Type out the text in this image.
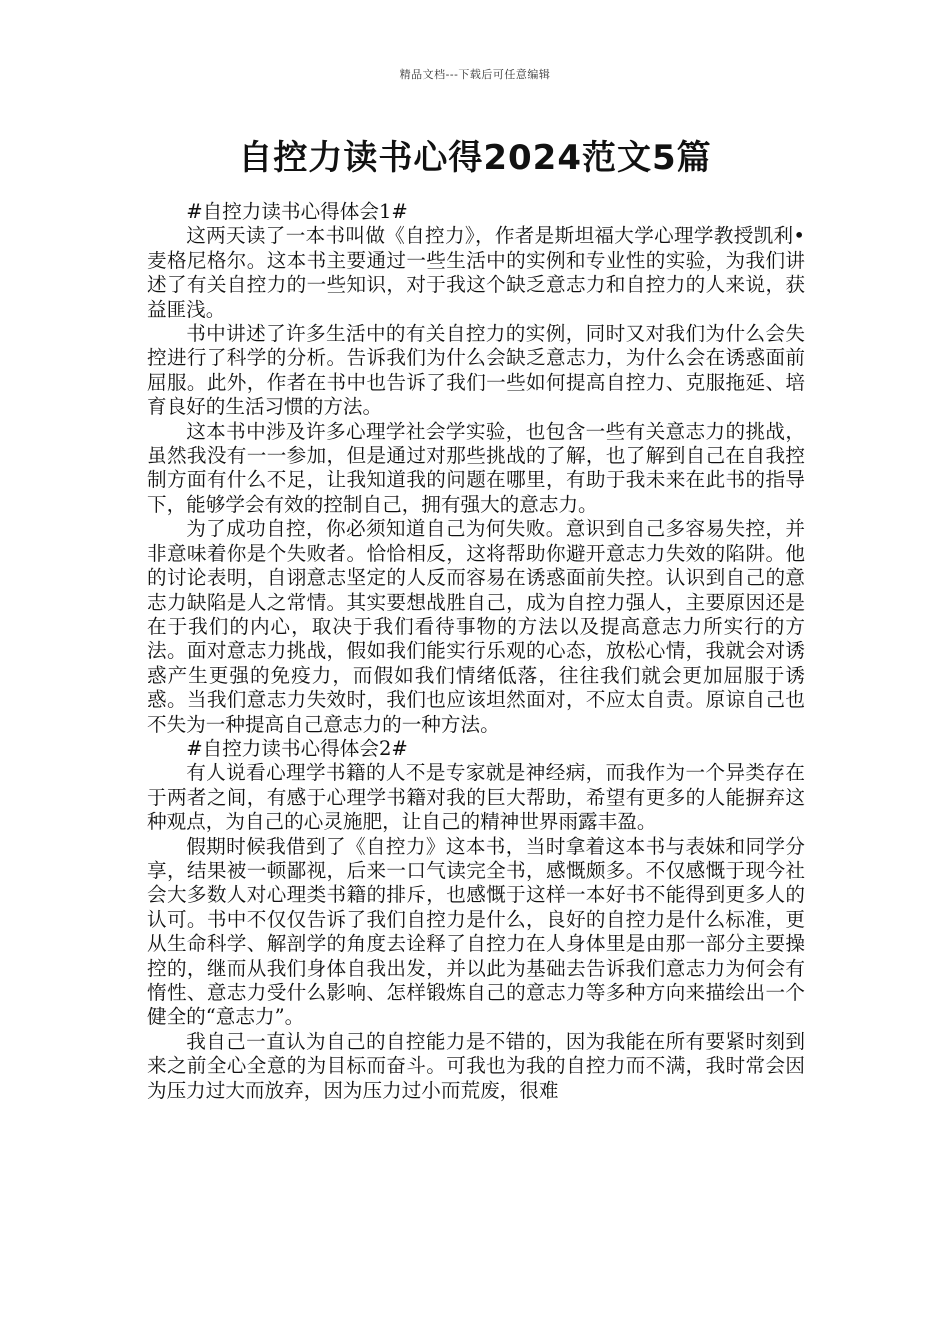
精品文档---下载后可任意编辑
自控力读书心得2024范文5篇

#自控力读书心得体会1#

这两天读了一本书叫做《自控力》，作者是斯坦福大学心理学教授凯利•麦格尼格尔。这本书主要通过一些生活中的实例和专业性的实验，为我们讲述了有关自控力的一些知识，对于我这个缺乏意志力和自控力的人来说，获益匪浅。

书中讲述了许多生活中的有关自控力的实例，同时又对我们为什么会失控进行了科学的分析。告诉我们为什么会缺乏意志力，为什么会在诱惑面前屈服。此外，作者在书中也告诉了我们一些如何提高自控力、克服拖延、培育良好的生活习惯的方法。

这本书中涉及许多心理学社会学实验，也包含一些有关意志力的挑战，虽然我没有一一参加，但是通过对那些挑战的了解，也了解到自己在自我控制方面有什么不足，让我知道我的问题在哪里，有助于我未来在此书的指导下，能够学会有效的控制自己，拥有强大的意志力。

为了成功自控，你必须知道自己为何失败。意识到自己多容易失控，并非意味着你是个失败者。恰恰相反，这将帮助你避开意志力失效的陷阱。他的讨论表明，自诩意志坚定的人反而容易在诱惑面前失控。认识到自己的意志力缺陷是人之常情。其实要想战胜自己，成为自控力强人，主要原因还是在于我们的内心，取决于我们看待事物的方法以及提高意志力所实行的方法。面对意志力挑战，假如我们能实行乐观的心态，放松心情，我就会对诱惑产生更强的免疫力，而假如我们情绪低落，往往我们就会更加屈服于诱惑。当我们意志力失效时，我们也应该坦然面对，不应太自责。原谅自己也不失为一种提高自己意志力的一种方法。

#自控力读书心得体会2#

有人说看心理学书籍的人不是专家就是神经病，而我作为一个异类存在于两者之间，有感于心理学书籍对我的巨大帮助，希望有更多的人能摒弃这种观点，为自己的心灵施肥，让自己的精神世界雨露丰盈。

假期时候我借到了《自控力》这本书，当时拿着这本书与表妹和同学分享，结果被一顿鄙视，后来一口气读完全书，感慨颇多。不仅感慨于现今社会大多数人对心理类书籍的排斥，也感慨于这样一本好书不能得到更多人的认可。书中不仅仅告诉了我们自控力是什么，良好的自控力是什么标准，更从生命科学、解剖学的角度去诠释了自控力在人身体里是由那一部分主要操控的，继而从我们身体自我出发，并以此为基础去告诉我们意志力为何会有惰性、意志力受什么影响、怎样锻炼自己的意志力等多种方向来描绘出一个健全的“意志力”。

我自己一直认为自己的自控能力是不错的，因为我能在所有要紧时刻到来之前全心全意的为目标而奋斗。可我也为我的自控力而不满，我时常会因为压力过大而放弃，因为压力过小而荒废，很难
